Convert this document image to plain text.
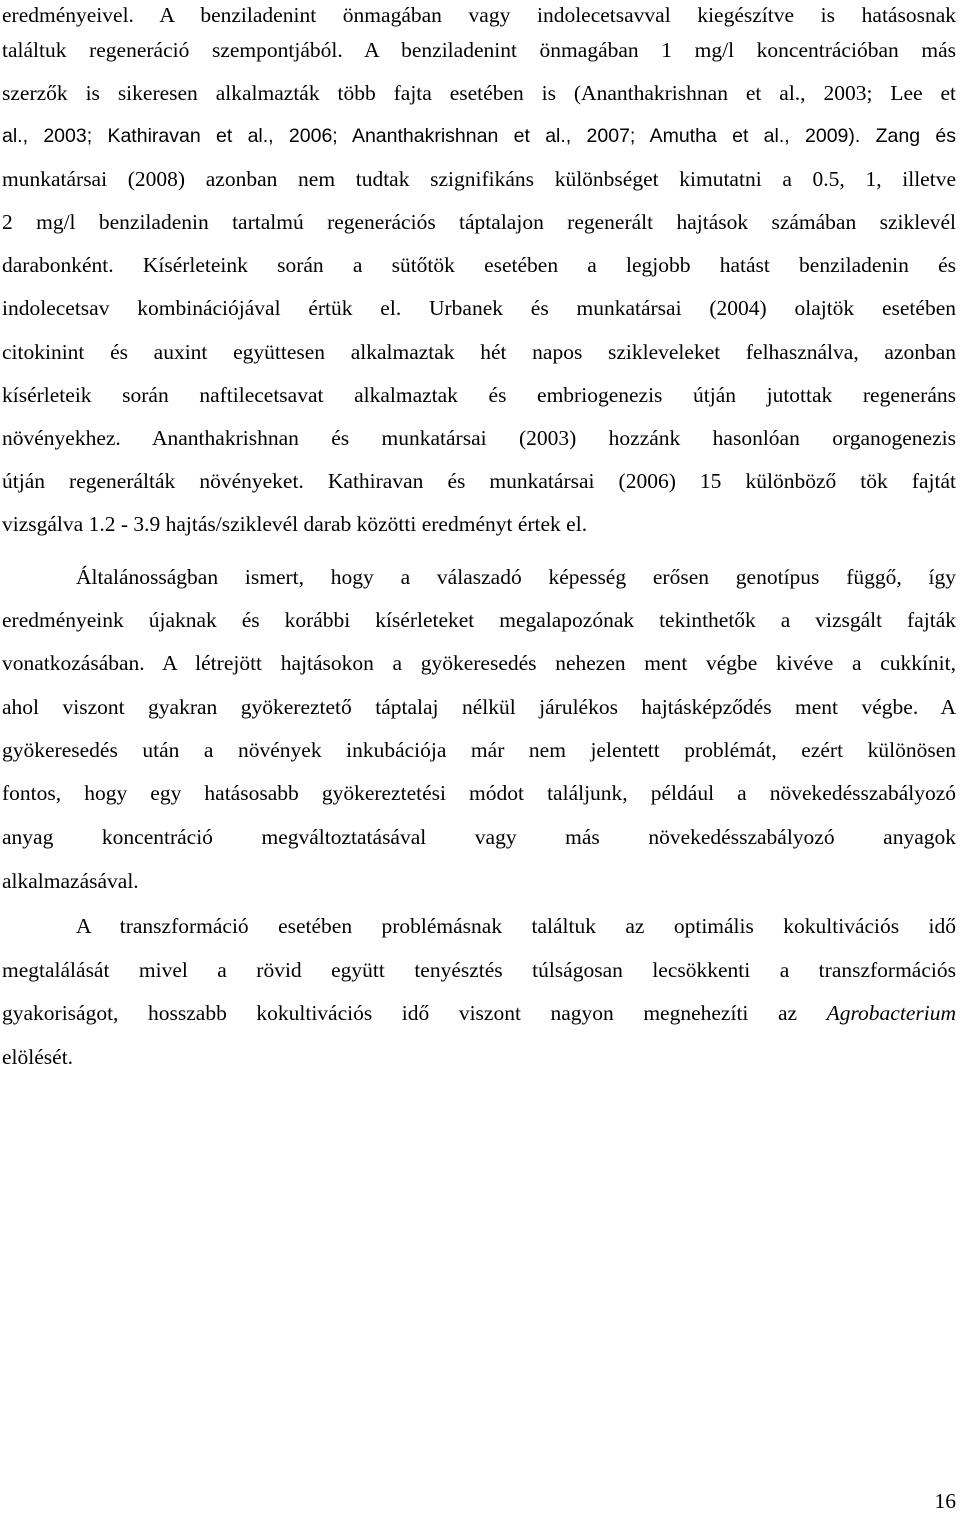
eredményeivel. A benziladenint önmagában vagy indolecetsavval kiegészítve is hatásosnak
találtuk regeneráció szempontjából. A benziladenint önmagában 1 mg/l koncentrációban más
szerzők is sikeresen alkalmazták több fajta esetében is (Ananthakrishnan et al., 2003; Lee et
al., 2003; Kathiravan et al., 2006; Ananthakrishnan et al., 2007; Amutha et al., 2009). Zang és
munkatársai (2008) azonban nem tudtak szignifikáns különbséget kimutatni a 0.5, 1, illetve
2 mg/l benziladenin tartalmú regenerációs táptalajon regenerált hajtások számában sziklevél
darabonként. Kísérleteink során a sütőtök esetében a legjobb hatást benziladenin és
indolecetsav kombinációjával értük el. Urbanek és munkatársai (2004) olajtök esetében
citokinint és auxint együttesen alkalmaztak hét napos szikleveleket felhasználva, azonban
kísérleteik során naftilecetsavat alkalmaztak és embriogenezis útján jutottak regeneráns
növényekhez. Ananthakrishnan és munkatársai (2003) hozzánk hasonlóan organogenezis
útján regenerálták növényeket. Kathiravan és munkatársai (2006) 15 különböző tök fajtát
vizsgálva 1.2 - 3.9 hajtás/sziklevél darab közötti eredményt értek el.
Általánosságban ismert, hogy a válaszadó képesség erősen genotípus függő, így
eredményeink újaknak és korábbi kísérleteket megalapozónak tekinthetők a vizsgált fajták
vonatkozásában. A létrejött hajtásokon a gyökeresedés nehezen ment végbe kivéve a cukkínit,
ahol viszont gyakran gyökereztető táptalaj nélkül járulékos hajtásképződés ment végbe. A
gyökeresedés után a növények inkubációja már nem jelentett problémát, ezért különösen
fontos, hogy egy hatásosabb gyökereztetési módot találjunk, például a növekedésszabályozó
anyag koncentráció megváltoztatásával vagy más növekedésszabályozó anyagok
alkalmazásával.
A transzformáció esetében problémásnak találtuk az optimális kokultivációs idő
megtalálását mivel a rövid együtt tenyésztés túlságosan lecsökkenti a transzformációs
gyakoriságot, hosszabb kokultivációs idő viszont nagyon megnehezíti az Agrobacterium
elölését.
16
